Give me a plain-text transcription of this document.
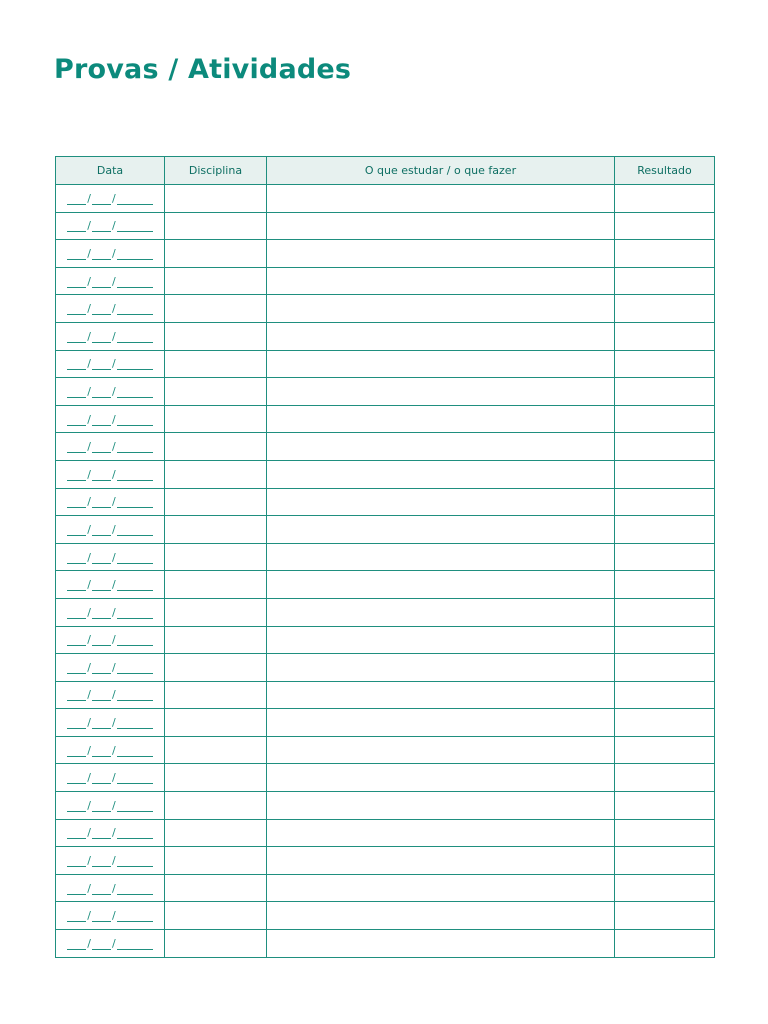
Provas / Atividades
Data	Disciplina	O que estudar / o que fazer	Resultado
/ /			
/ /			
/ /			
/ /			
/ /			
/ /			
/ /			
/ /			
/ /			
/ /			
/ /			
/ /			
/ /			
/ /			
/ /			
/ /			
/ /			
/ /			
/ /			
/ /			
/ /			
/ /			
/ /			
/ /			
/ /			
/ /			
/ /			
/ /			
